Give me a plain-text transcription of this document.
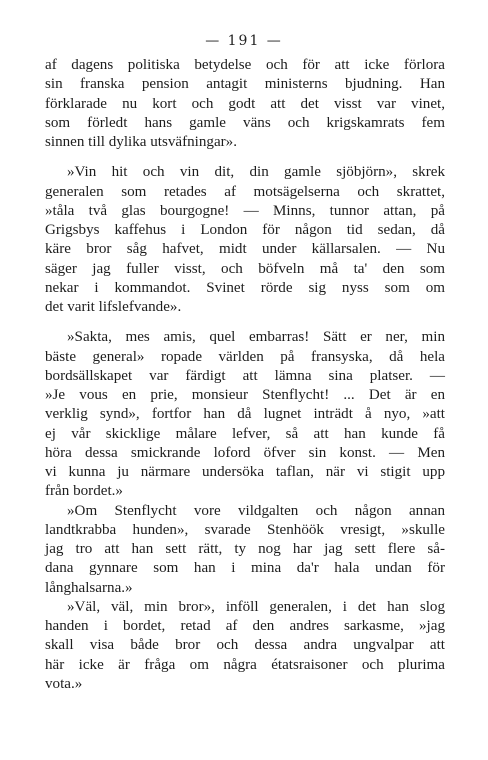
— 191 —
af dagens politiska betydelse och för att icke förlora
sin franska pension antagit ministerns bjudning. Han
förklarade nu kort och godt att det visst var vinet,
som förledt hans gamle väns och krigskamrats fem
sinnen till dylika utsväfningar».
»Vin hit och vin dit, din gamle sjöbjörn», skrek
generalen som retades af motsägelserna och skrattet,
»tåla två glas bourgogne! — Minns, tunnor attan, på
Grigsbys kaffehus i London för någon tid sedan, då
käre bror såg hafvet, midt under källarsalen. — Nu
säger jag fuller visst, och böfveln må ta' den som
nekar i kommandot. Svinet rörde sig nyss som om
det varit lifslefvande».
»Sakta, mes amis, quel embarras! Sätt er ner, min
bäste general» ropade världen på fransyska, då hela
bordsällskapet var färdigt att lämna sina platser. —
»Je vous en prie, monsieur Stenflycht! ... Det är en
verklig synd», fortfor han då lugnet inträdt å nyo, »att
ej vår skicklige målare lefver, så att han kunde få
höra dessa smickrande loford öfver sin konst. — Men
vi kunna ju närmare undersöka taflan, när vi stigit upp
från bordet.»
»Om Stenflycht vore vildgalten och någon annan
landtkrabba hunden», svarade Stenhöök vresigt, »skulle
jag tro att han sett rätt, ty nog har jag sett flere så-
dana gynnare som han i mina da'r hala undan för
långhalsarna.»
»Väl, väl, min bror», inföll generalen, i det han slog
handen i bordet, retad af den andres sarkasme, »jag
skall visa både bror och dessa andra ungvalpar att
här icke är fråga om några étatsraisoner och plurima
vota.»
